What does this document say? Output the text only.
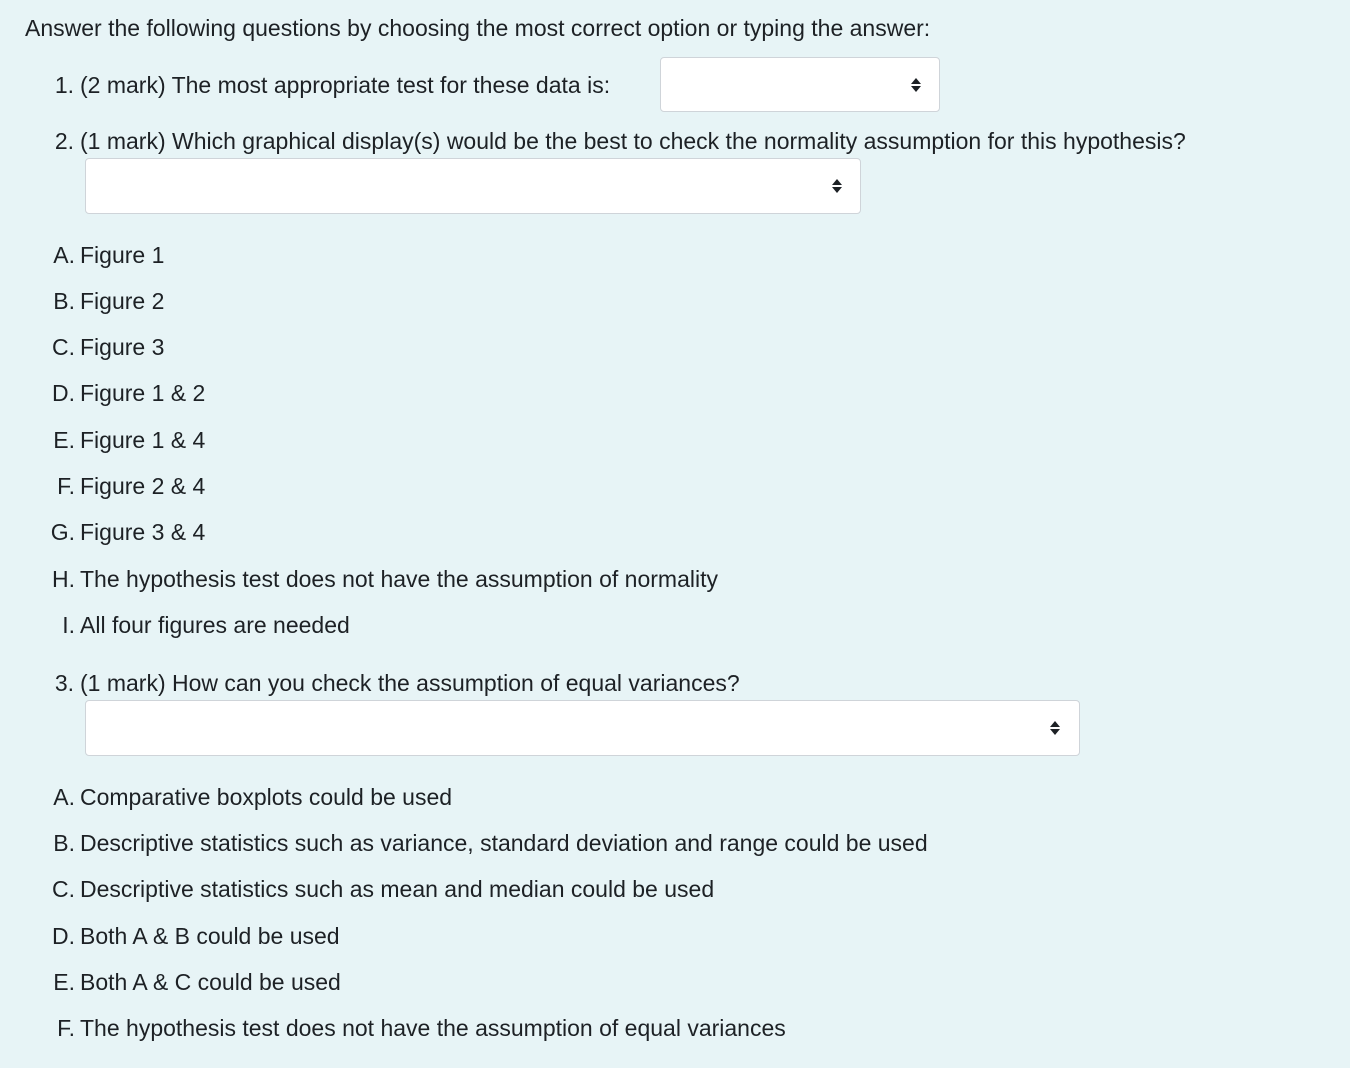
Answer the following questions by choosing the most correct option or typing the answer:
1. (2 mark) The most appropriate test for these data is:
2. (1 mark) Which graphical display(s) would be the best to check the normality assumption for this hypothesis?
A. Figure 1
B. Figure 2
C. Figure 3
D. Figure 1 & 2
E. Figure 1 & 4
F. Figure 2 & 4
G. Figure 3 & 4
H. The hypothesis test does not have the assumption of normality
I. All four figures are needed
3. (1 mark) How can you check the assumption of equal variances?
A. Comparative boxplots could be used
B. Descriptive statistics such as variance, standard deviation and range could be used
C. Descriptive statistics such as mean and median could be used
D. Both A & B could be used
E. Both A & C could be used
F. The hypothesis test does not have the assumption of equal variances
